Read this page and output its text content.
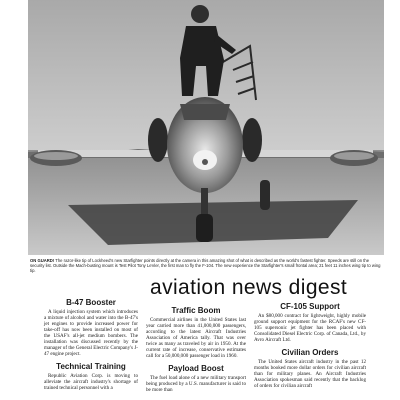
ON GUARD! The razor-like tip of Lockheed's new Starfighter points directly at the camera in this amazing shot of what is described as the world's fastest fighter. Speeds are still on the security list. Outside the Mach-busting mount is Test Pilot Tony LeVier, the first man to fly the F-104. The new experience the Starfighter's small frontal area; 21 feet 11 inches wing tip to wing tip.

aviation news digest
B-47 Booster

A liquid injection system which introduces a mixture of alcohol and water into the B-47's jet engines to provide increased power for take-off has now been installed on most of the USAF's all-jet medium bombers. The installation was discussed recently by the manager of the General Electric Company's J-47 engine project.

Technical Training

Republic Aviation Corp. is moving to alleviate the aircraft industry's shortage of trained technical personnel with a

Traffic Boom

Commercial airlines in the United States last year carried more than 41,000,000 passengers, according to the latest Aircraft Industries Association of America tally. That was over twice as many as traveled by air in 1950. At the current rate of increase, conservative estimates call for a 50,000,000 passenger load in 1960.

Payload Boost

The fuel load alone of a new military transport being produced by a U.S. manufacturer is said to be more than

CF-105 Support

An $80,000 contract for lightweight, highly mobile ground support equipment for the RCAF's new CF-105 supersonic jet fighter has been placed with Consolidated Diesel Electric Corp. of Canada, Ltd., by Avro Aircraft Ltd.

Civilian Orders

The United States aircraft industry in the past 12 months booked more dollar orders for civilian aircraft than for military planes. An Aircraft Industries Association spokesman said recently that the backlog of orders for civilian aircraft
